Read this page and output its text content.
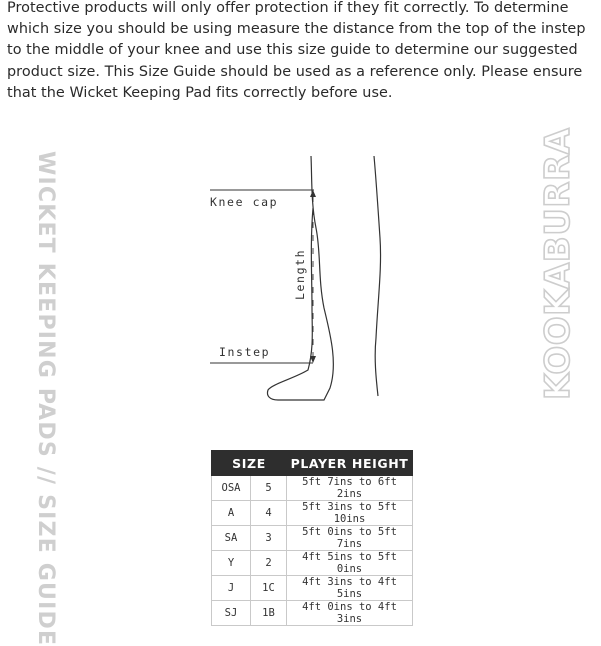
Protective products will only offer protection if they fit correctly. To determine which size you should be using measure the distance from the top of the instep to the middle of your knee and use this size guide to determine our suggested product size. This Size Guide should be used as a reference only. Please ensure that the Wicket Keeping Pad fits correctly before use.
WICKET KEEPING PADS // SIZE GUIDE	KOOKABURRA
Knee cap
Instep
Length
SIZE		PLAYER HEIGHT
OSA	5	5ft 7ins to 6ft 2ins
A	4	5ft 3ins to 5ft 10ins
SA	3	5ft 0ins to 5ft 7ins
Y	2	4ft 5ins to 5ft 0ins
J	1C	4ft 3ins to 4ft 5ins
SJ	1B	4ft 0ins to 4ft 3ins
